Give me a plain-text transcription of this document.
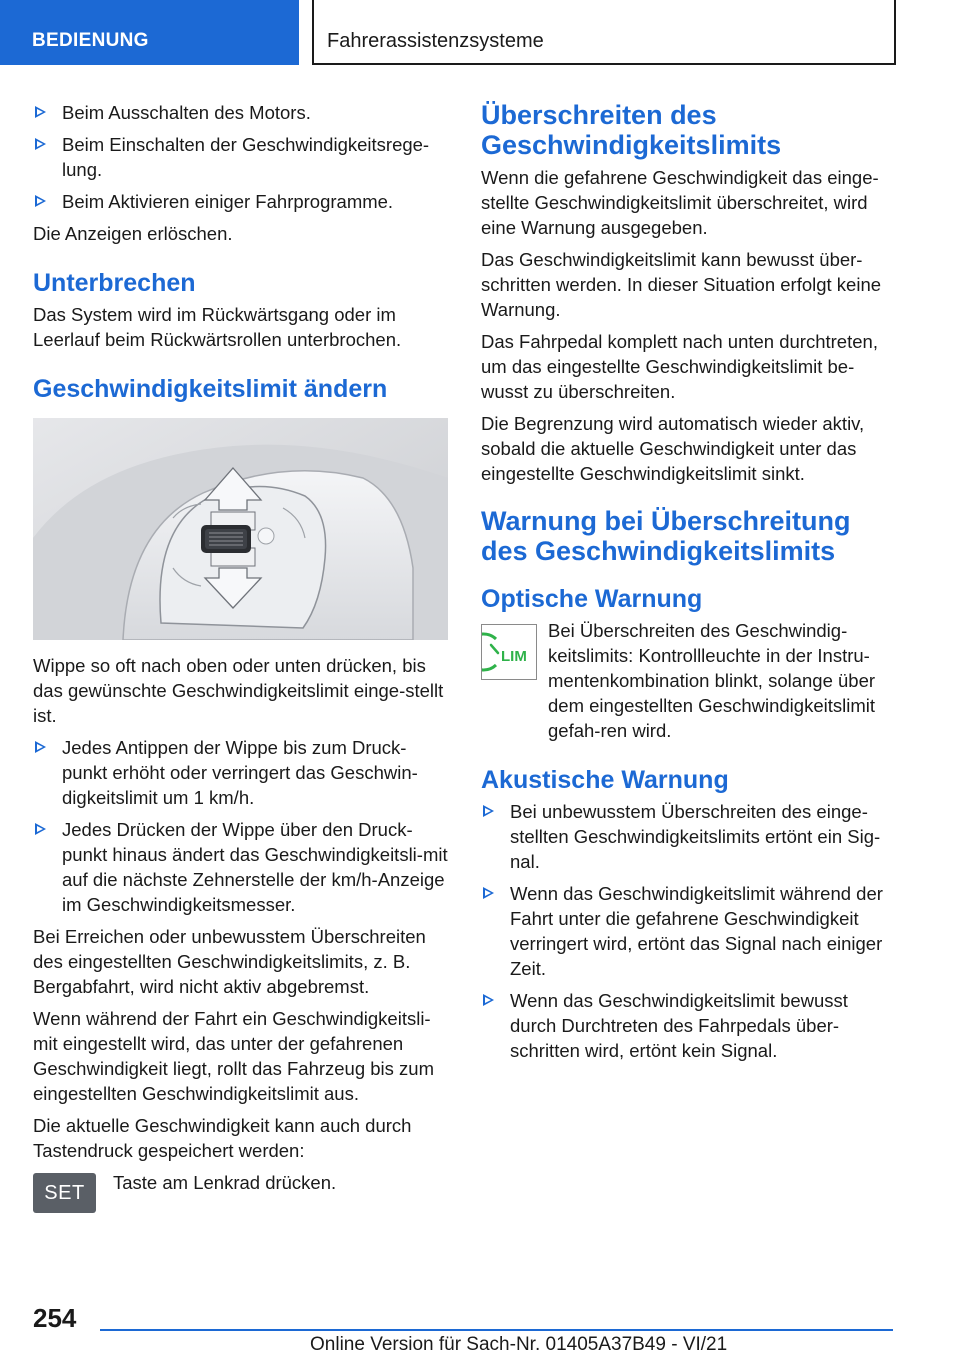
BEDIENUNG	Fahrerassistenzsysteme
Beim Ausschalten des Motors.
Beim Einschalten der Geschwindigkeitsrege-lung.
Beim Aktivieren einiger Fahrprogramme.

Die Anzeigen erlöschen.

Unterbrechen

Das System wird im Rückwärtsgang oder im Leerlauf beim Rückwärtsrollen unterbrochen.

Geschwindigkeitslimit ändern

Wippe so oft nach oben oder unten drücken, bis das gewünschte Geschwindigkeitslimit einge-stellt ist.

Jedes Antippen der Wippe bis zum Druck-punkt erhöht oder verringert das Geschwin-digkeitslimit um 1 km/h.
Jedes Drücken der Wippe über den Druck-punkt hinaus ändert das Geschwindigkeitsli-mit auf die nächste Zehnerstelle der km/h-Anzeige im Geschwindigkeitsmesser.

Bei Erreichen oder unbewusstem Überschreiten des eingestellten Geschwindigkeitslimits, z. B. Bergabfahrt, wird nicht aktiv abgebremst.

Wenn während der Fahrt ein Geschwindigkeitsli-mit eingestellt wird, das unter der gefahrenen Geschwindigkeit liegt, rollt das Fahrzeug bis zum eingestellten Geschwindigkeitslimit aus.

Die aktuelle Geschwindigkeit kann auch durch Tastendruck gespeichert werden:

SET	Taste am Lenkrad drücken.

Überschreiten des Geschwindigkeitslimits

Wenn die gefahrene Geschwindigkeit das einge-stellte Geschwindigkeitslimit überschreitet, wird eine Warnung ausgegeben.

Das Geschwindigkeitslimit kann bewusst über-schritten werden. In dieser Situation erfolgt keine Warnung.

Das Fahrpedal komplett nach unten durchtreten, um das eingestellte Geschwindigkeitslimit be-wusst zu überschreiten.

Die Begrenzung wird automatisch wieder aktiv, sobald die aktuelle Geschwindigkeit unter das eingestellte Geschwindigkeitslimit sinkt.

Warnung bei Überschreitung des Geschwindigkeitslimits
Optische Warnung
LIM

Bei Überschreiten des Geschwindig-keitslimits: Kontrollleuchte in der Instru-mentenkombination blinkt, solange über dem eingestellten Geschwindigkeitslimit gefah-ren wird.

Akustische Warnung
Bei unbewusstem Überschreiten des einge-stellten Geschwindigkeitslimits ertönt ein Sig-nal.
Wenn das Geschwindigkeitslimit während der Fahrt unter die gefahrene Geschwindigkeit verringert wird, ertönt das Signal nach einiger Zeit.
Wenn das Geschwindigkeitslimit bewusst durch Durchtreten des Fahrpedals über-schritten wird, ertönt kein Signal.
254
Online Version für Sach-Nr. 01405A37B49 - VI/21
